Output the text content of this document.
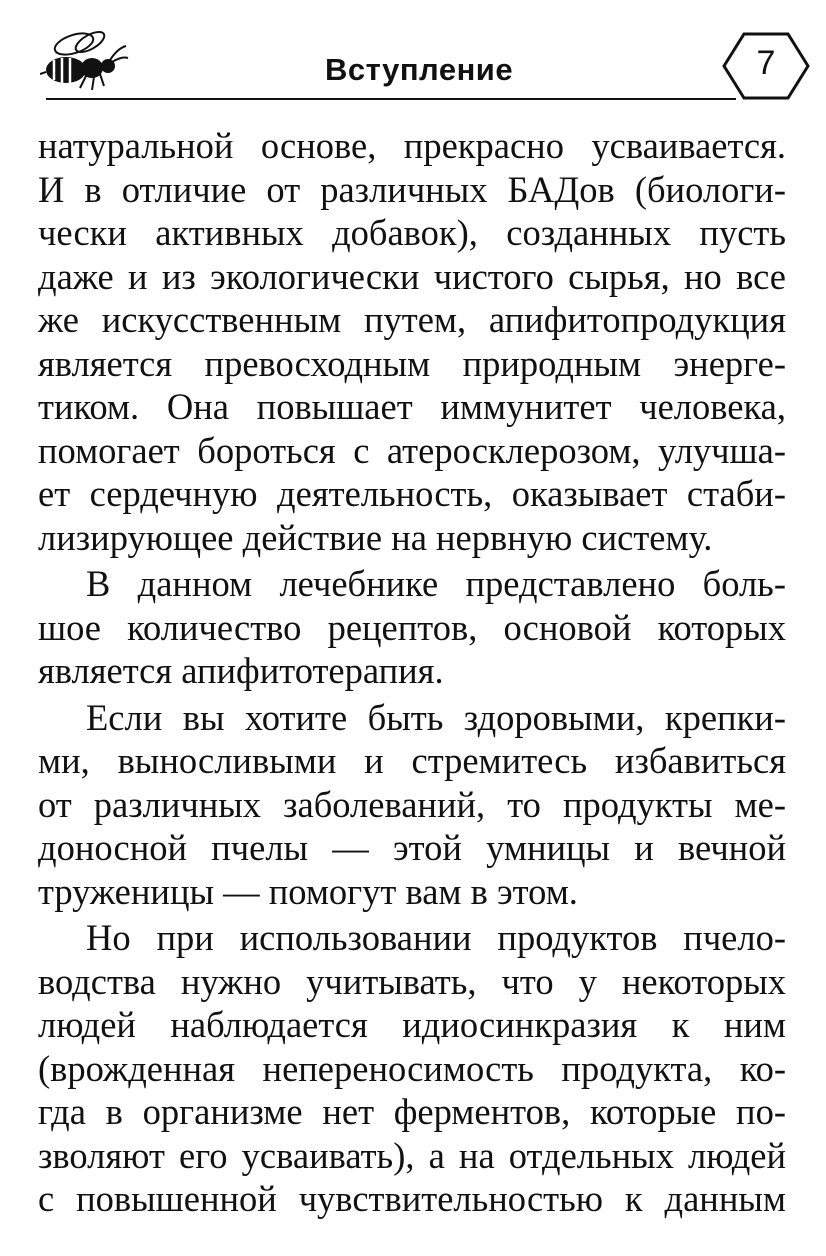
Вступление	7

натуральной основе, прекрасно усваивается.
И в отличие от различных БАДов (биологи-
чески активных добавок), созданных пусть
даже и из экологически чистого сырья, но все
же искусственным путем, апифитопродукция
является превосходным природным энерге-
тиком. Она повышает иммунитет человека,
помогает бороться с атеросклерозом, улучша-
ет сердечную деятельность, оказывает стаби-
лизирующее действие на нервную систему.

В данном лечебнике представлено боль-
шое количество рецептов, основой которых
является апифитотерапия.

Если вы хотите быть здоровыми, крепки-
ми, выносливыми и стремитесь избавиться
от различных заболеваний, то продукты ме-
доносной пчелы — этой умницы и вечной
труженицы — помогут вам в этом.

Но при использовании продуктов пчело-
водства нужно учитывать, что у некоторых
людей наблюдается идиосинкразия к ним
(врожденная непереносимость продукта, ко-
гда в организме нет ферментов, которые по-
зволяют его усваивать), а на отдельных людей
с повышенной чувствительностью к данным
